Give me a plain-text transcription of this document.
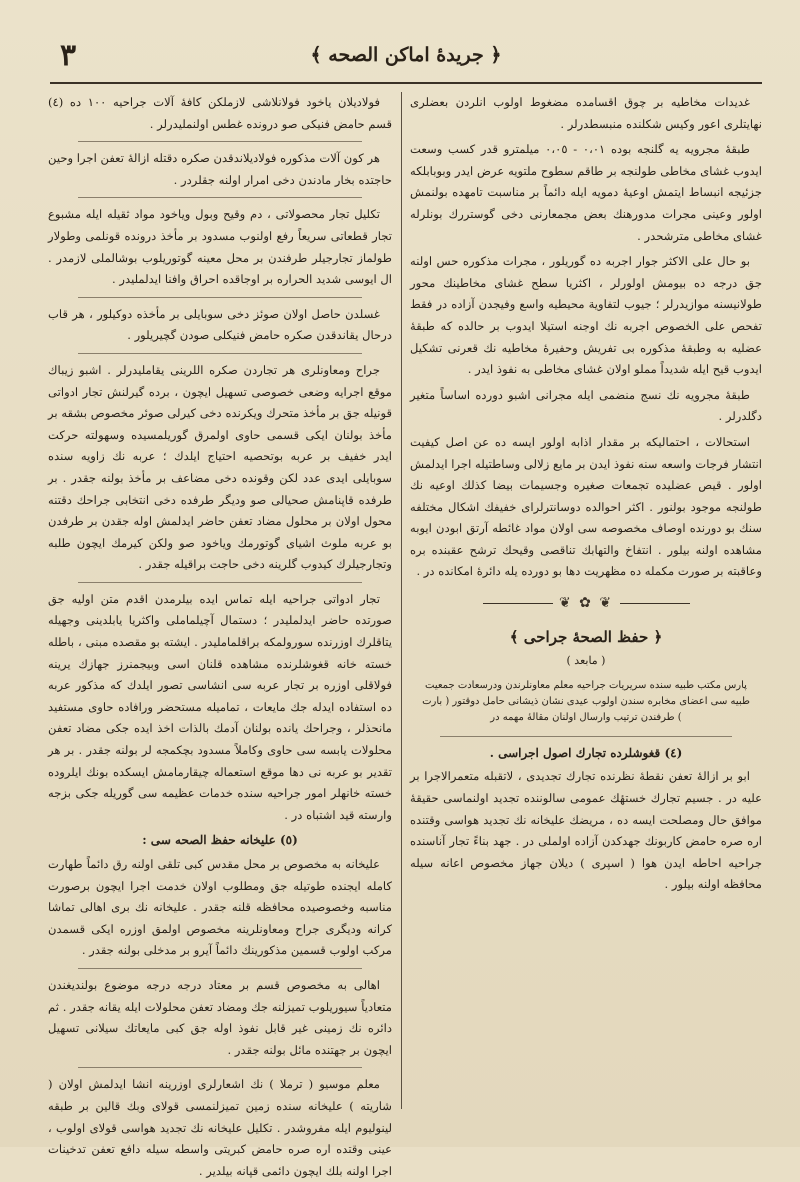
٣	﴿ جريدهٔ اماكن الصحه ﴾

غديدات مخاطيه بر چوق اقسامده مضغوط اولوب انلردن بعضلری نهايتلری اعور وكيس شكلنده منبسطدرلر .

طبقهٔ مجرويه يه گلنجه بوده ٠،٠١ - ٠،٠٥ ميلمترو قدر كسب وسعت ايدوب غشای مخاطی طولنجه بر طاقم سطوح ملتويه عرض ايدر وبوبابلكه جزئيجه انبساط ايتمش اوعيهٔ دمويه ايله دائماً بر مناسبت تامهده بولنمش اولور وعينی مجرات مدورهنك بعض مجمعارنی دخی گوستررك بونلرله غشای مخاطی مترشحدر .

بو حال علی الاكثر جوار اجربه ده گوريلور ، مجرات مذكوره حس اولنه جق درجه ده بيومش اولورلر ، اكثريا سطح غشای مخاطينك محور طولانيسنه موازيدرلر ؛ جيوب لتفاوية محيطيه واسع وفيجدن آزاده در فقط تفحص علی الخصوص اجربه نك اوجنه استيلا ايدوب بر حالده كه طبقهٔ عضليه به وطبقهٔ مذكوره بی تفريش وحفيرهٔ مخاطيه نك قعرنی تشكيل ايدوب قيح ايله شديداً مملو اولان غشای مخاطی به نفوذ ايدر .

طبقهٔ مجرويه نك نسج منضمی ايله مجرانی اشبو دورده اساساً متغير دگلدرلر .

استحالات ، احتماليكه بر مقدار اذابه اولور ايسه ده عن اصل كيفيت انتشار فرجات واسعه سنه نفوذ ايدن بر مايع زلالی وساطتيله اجرا ايدلمش اولور . قيص عضليده تجمعات صغيره وجسيمات بيضا كذلك اوعيه نك طولنجه موجود بولنور . اكثر احوالده دوسانترلرای خفيفك اشكال مختلفه سنك بو دورنده اوصاف مخصوصه سی اولان مواد غائطه آرتق ابودن ايوبه مشاهده اولنه بيلور . انتفاخ والتهابك تناقصی وقيحك ترشح عقبنده بره وعاقبته بر صورت مكمله ده مظهريت دها بو دورده يله دائرهٔ امكانده در .

❦ ✿ ❦
﴿ حفظ الصحهٔ جراحی ﴾
( مابعد )
پارس مكتب طبيه سنده سريريات جراحيه معلم معاونلرندن ودرسعادت جمعيت طبيه سی اعضای مخابره سندن اولوب عيدی نشان ذيشانی حامل دوقتور ( بارت ) طرفندن ترتيب وارسال اولنان مقالهٔ مهمه در
(٤) قغوشلرده تجارك اصول اجراسی .

ابو بر ازالهٔ تعفن نقطهٔ نظرنده تجارك تجديدی ، لاتقبله متعمرالاجرا بر عليه در . جسيم تجارك خستهٔك عمومی سالوننده تجديد اولنماسی حقيقهٔ موافق حال ومصلحت ايسه ده ، مريضك عليخانه نك تجديد هواسی وقتنده اره صره حامض كاربونك جهدكدن آزاده اولملی در . جهد بناءً تجار آناسنده جراحيه احاطه ايدن هوا ( اسپری ) ديلان جهاز مخصوص اعانه سيله محافظه اولنه بيلور .

فولاديلان ياخود فولانلاشی لازملكن كافهٔ آلات جراحيه ١٠٠ ده (٤) قسم حامض فنيكی صو درونده غطس اولنملیدرلر .

هر كون آلات مذكوره فولاديلاندقدن صكره دقتله ازالهٔ تعفن اجرا وحين حاجتده بخار مادندن دخی امرار اولنه جقلردر .

تكليل تجار محصولاتی ، دم وقيح وبول وياخود مواد ثقيله ايله مشبوع تجار قطعاتی سريعاً رفع اولنوب مسدود بر مأخذ درونده قونلمی وطولار طولماز تجارجيلر طرفندن بر محل معينه گوتوريلوب بوشالملی لازمدر . ال ايوسی شديد الحراره بر اوجاقده احراق وافنا ايدلمليدر .

غسلدن حاصل اولان صوئز دخی سوبايلی بر مأخذه دوكيلور ، هر قاب درحال يقاندقدن صكره حامض فنيكلی صودن گچيريلور .

جراح ومعاونلری هر تجاردن صكره اللرينی يقاملیدرلر . اشبو زيباك موقع اجرايه وضعی خصوصی تسهيل ايچون ، برده گيرلنش تجار ادواتی قونيله جق بر مأخذ متحرك ويكرنده دخی كيرلی صوئر مخصوص بشقه بر مأخذ بولنان ايكی قسمی حاوی اولمرق گوريلمسيده وسهولته حركت ايدر خفيف بر عربه بوتحصيه احتياج ايلدك ؛ عربه نك زاويه سنده سوبايلی ايدی عدد لكن وقونده دخی مضاعف بر مأخذ بولنه جقدر . بر طرفده قاپنامش صحيالی صو وديگر طرفده دخی انتخابی جراحك دقتنه محول اولان بر محلول مضاد تعفن حاضر ايدلمش اوله جقدن بر طرفدن بو عربه ملوث اشيای گوتورمك وياخود صو ولكن كيرمك ايچون طلبه وتجارجيلرك كيدوب گلرينه دخی حاجت براقيله جقدر .

تجار ادواتی جراحيه ايله تماس ايده بيلرمدن اقدم متن اوليه جق صورتده حاضر ايدلملیدر ؛ دستمال آچيلماملی واكثريا يابلدينی وجهيله يتاقلرك اوزرنده سورولمكه براقلماملیدر . ايشته بو مقصده مبنی ، باطله خسته خانه قغوشلرنده مشاهده قلنان اسی وبيجمنرز جهازك يرينه فولاقلی اوزره بر تجار عربه سی انشاسی تصور ايلدك كه مذكور عربه ده استفاده ايدله جك مايعات ، تماميله مستحضر ورافاده حاوی مستفيد مانحذلر ، وجراحك يانده بولنان آدمك بالذات اخذ ايده جكی مضاد تعفن محلولات يابسه سی حاوی وكاملاً مسدود بچكمجه لر بولنه جقدر . بر هر تقدير بو عربه نی دها موقع استعماله چيقارمامش ايسكده بونك ايلروده خسته خانهلر امور جراحيه سنده خدمات عظيمه سی گوريله جكی بزجه وارسته قيد اشتباه در .

(٥) عليخانه حفظ الصحه سی :

عليخانه به مخصوص بر محل مقدس كبی تلقی اولنه رق دائماً طهارت كامله ايجنده طوتيله جق ومطلوب اولان خدمت اجرا ايچون برصورت مناسبه وخصوصيده محافظه قلنه جقدر . عليخانه نك بری اهالی تماشا كرانه وديگری جراح ومعاونلرينه مخصوص اولمق اوزره ايكی قسمدن مركب اولوب قسمين مذكورينك دائماً آيرو بر مدخلی بولنه جقدر .

اهالی به مخصوص قسم بر معتاد درجه درجه موضوع بولنديغندن متعادياً سيوريلوب تميزلنه جك ومضاد تعفن محلولات ايله يقانه جقدر . ثم دائره نك زمينی غير قابل نفوذ اوله جق كبی مايعاتك سيلانی تسهيل ايچون بر جهتنده مائل بولنه جقدر .

معلم موسيو ( ترملا ) نك اشعارلری اوزرينه انشا ايدلمش اولان ( شاريته ) عليخانه سنده زمين تميزلنمسی قولای وبك قالين بر طبقه لينوليوم ايله مفروشدر . تكليل عليخانه نك تجديد هواسی قولای اولوب ، عينی وقتده اره صره حامض كبريتی واسطه سيله دافع تعفن تدخينات اجرا اولنه بلك ايچون دائمی قپانه بيلدير .
